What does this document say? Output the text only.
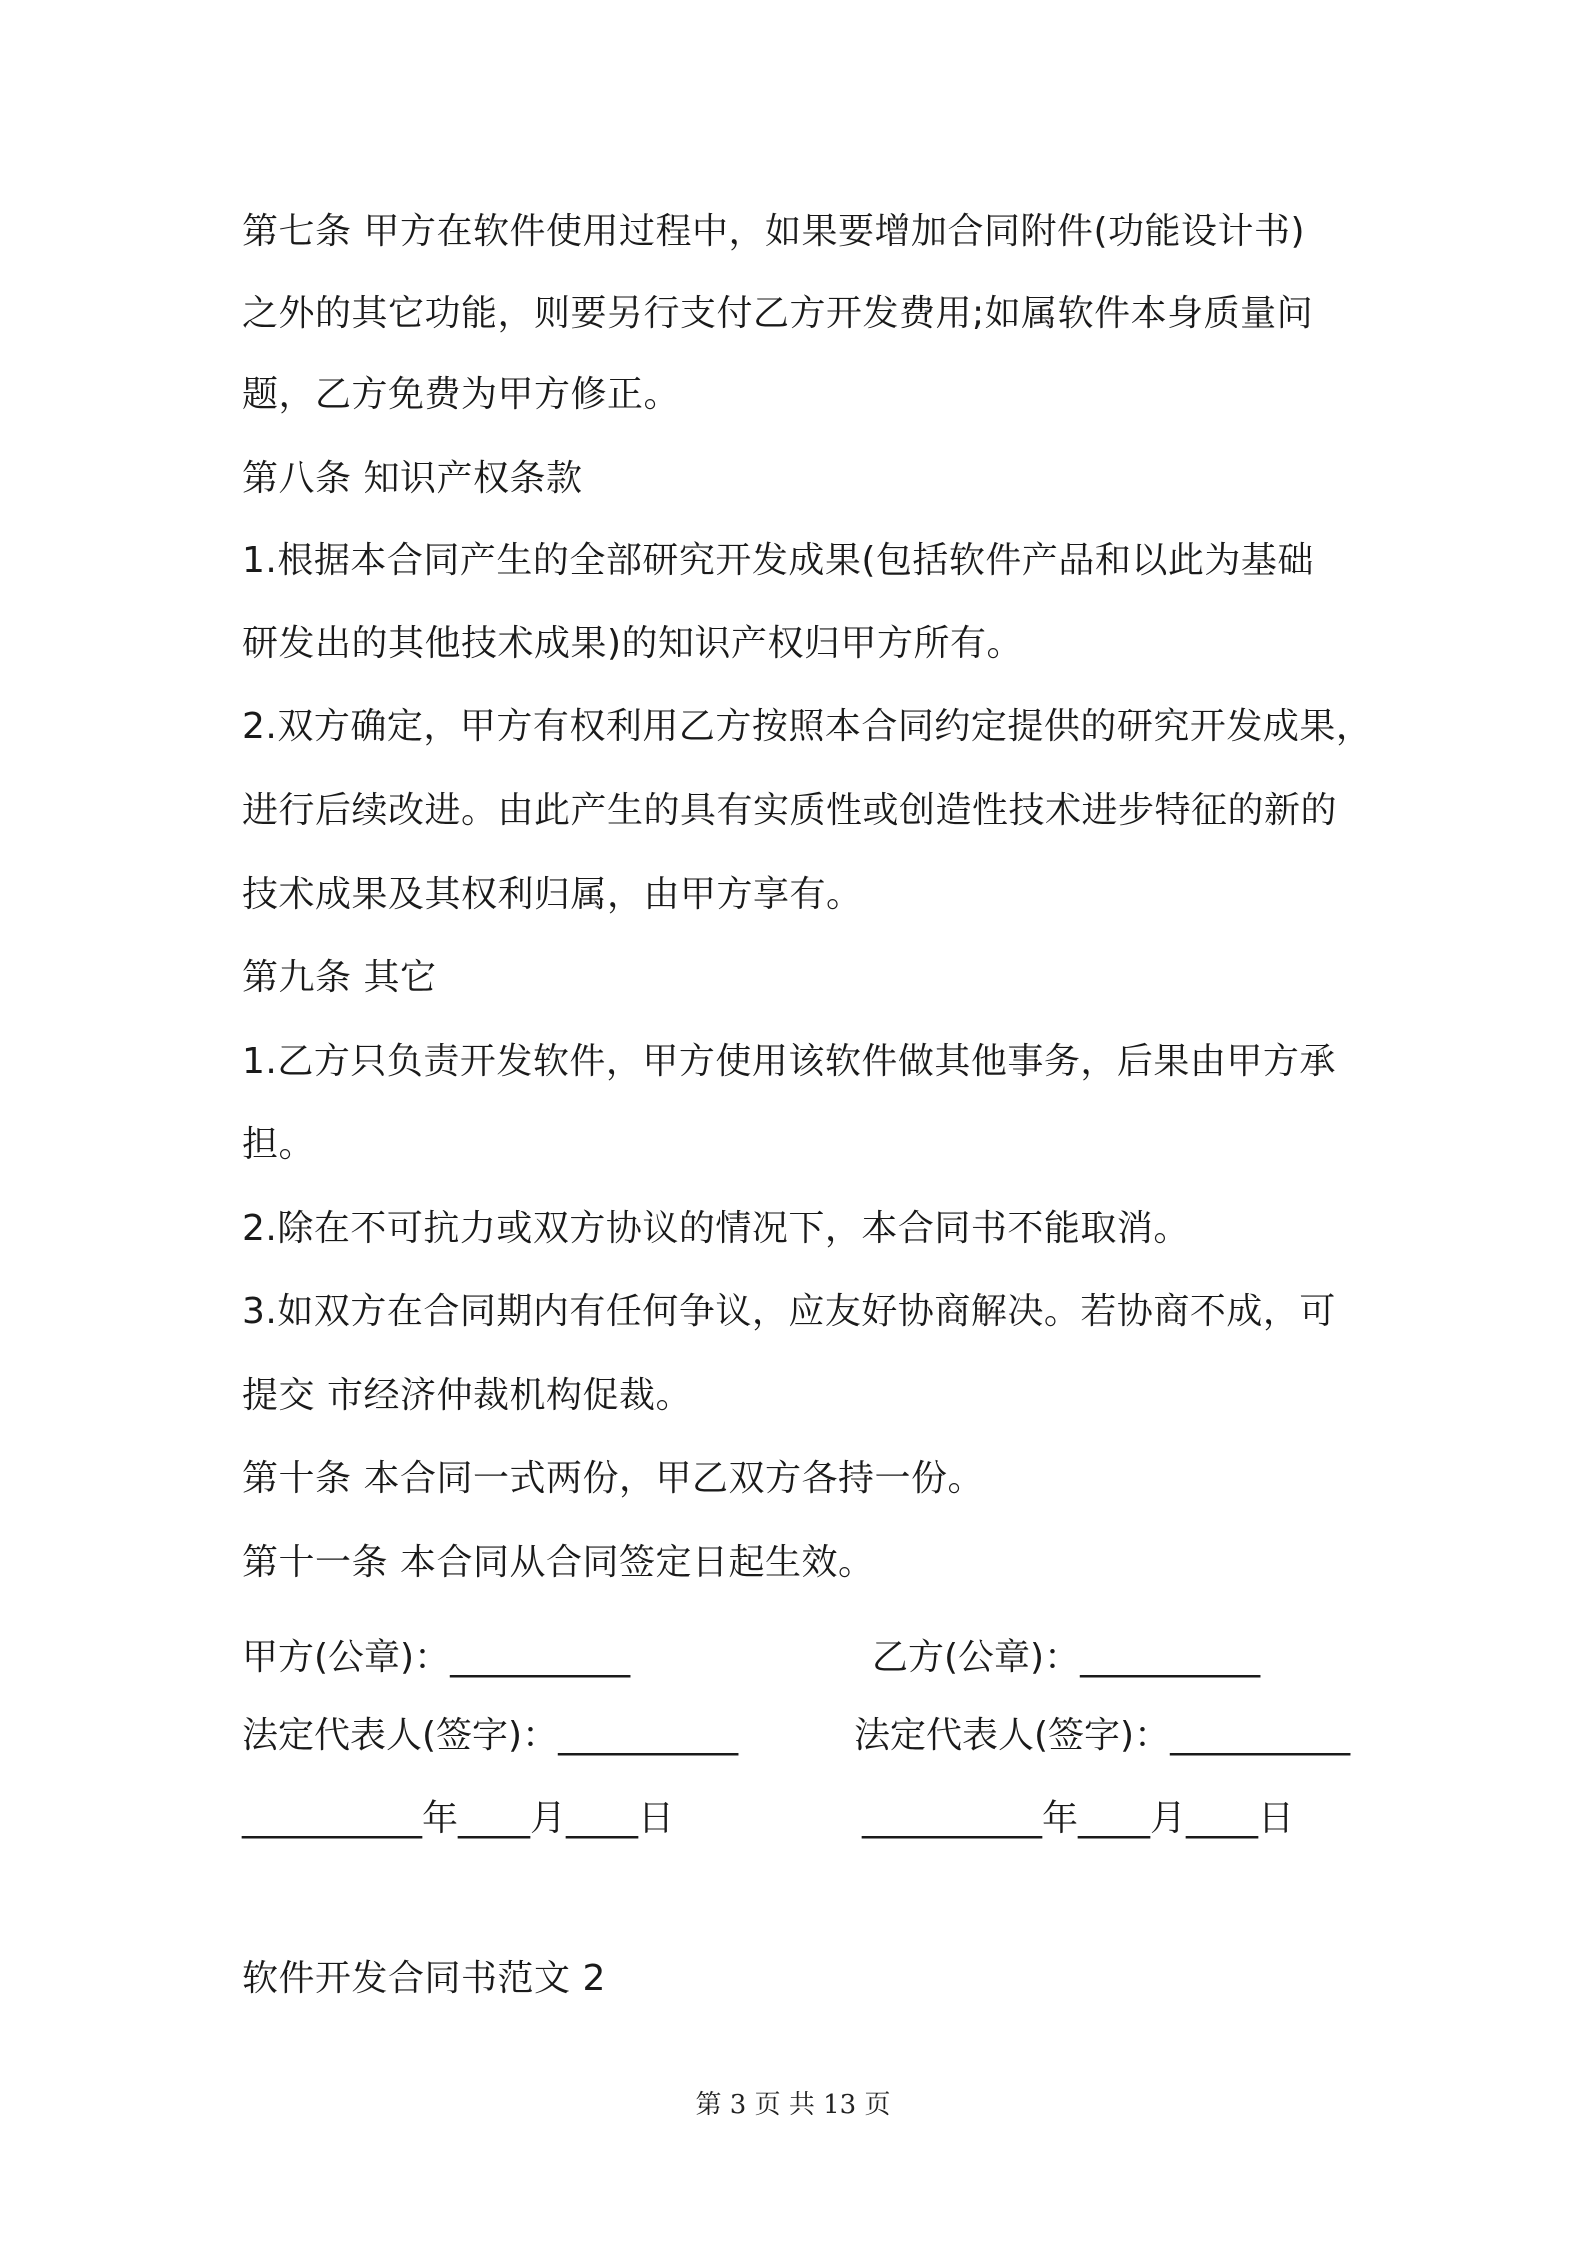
第七条 甲方在软件使用过程中，如果要增加合同附件(功能设计书)
之外的其它功能，则要另行支付乙方开发费用;如属软件本身质量问
题，乙方免费为甲方修正。
第八条 知识产权条款
1.根据本合同产生的全部研究开发成果(包括软件产品和以此为基础
研发出的其他技术成果)的知识产权归甲方所有。
2.双方确定，甲方有权利用乙方按照本合同约定提供的研究开发成果，
进行后续改进。由此产生的具有实质性或创造性技术进步特征的新的
技术成果及其权利归属，由甲方享有。
第九条 其它
1.乙方只负责开发软件，甲方使用该软件做其他事务，后果由甲方承
担。
2.除在不可抗力或双方协议的情况下，本合同书不能取消。
3.如双方在合同期内有任何争议，应友好协商解决。若协商不成，可
提交 市经济仲裁机构促裁。
第十条 本合同一式两份，甲乙双方各持一份。
第十一条 本合同从合同签定日起生效。
甲方(公章)：__________	乙方(公章)：__________
法定代表人(签字)：__________	法定代表人(签字)：__________
__________年____月____日	__________年____月____日
软件开发合同书范文 2
第 3 页 共 13 页
